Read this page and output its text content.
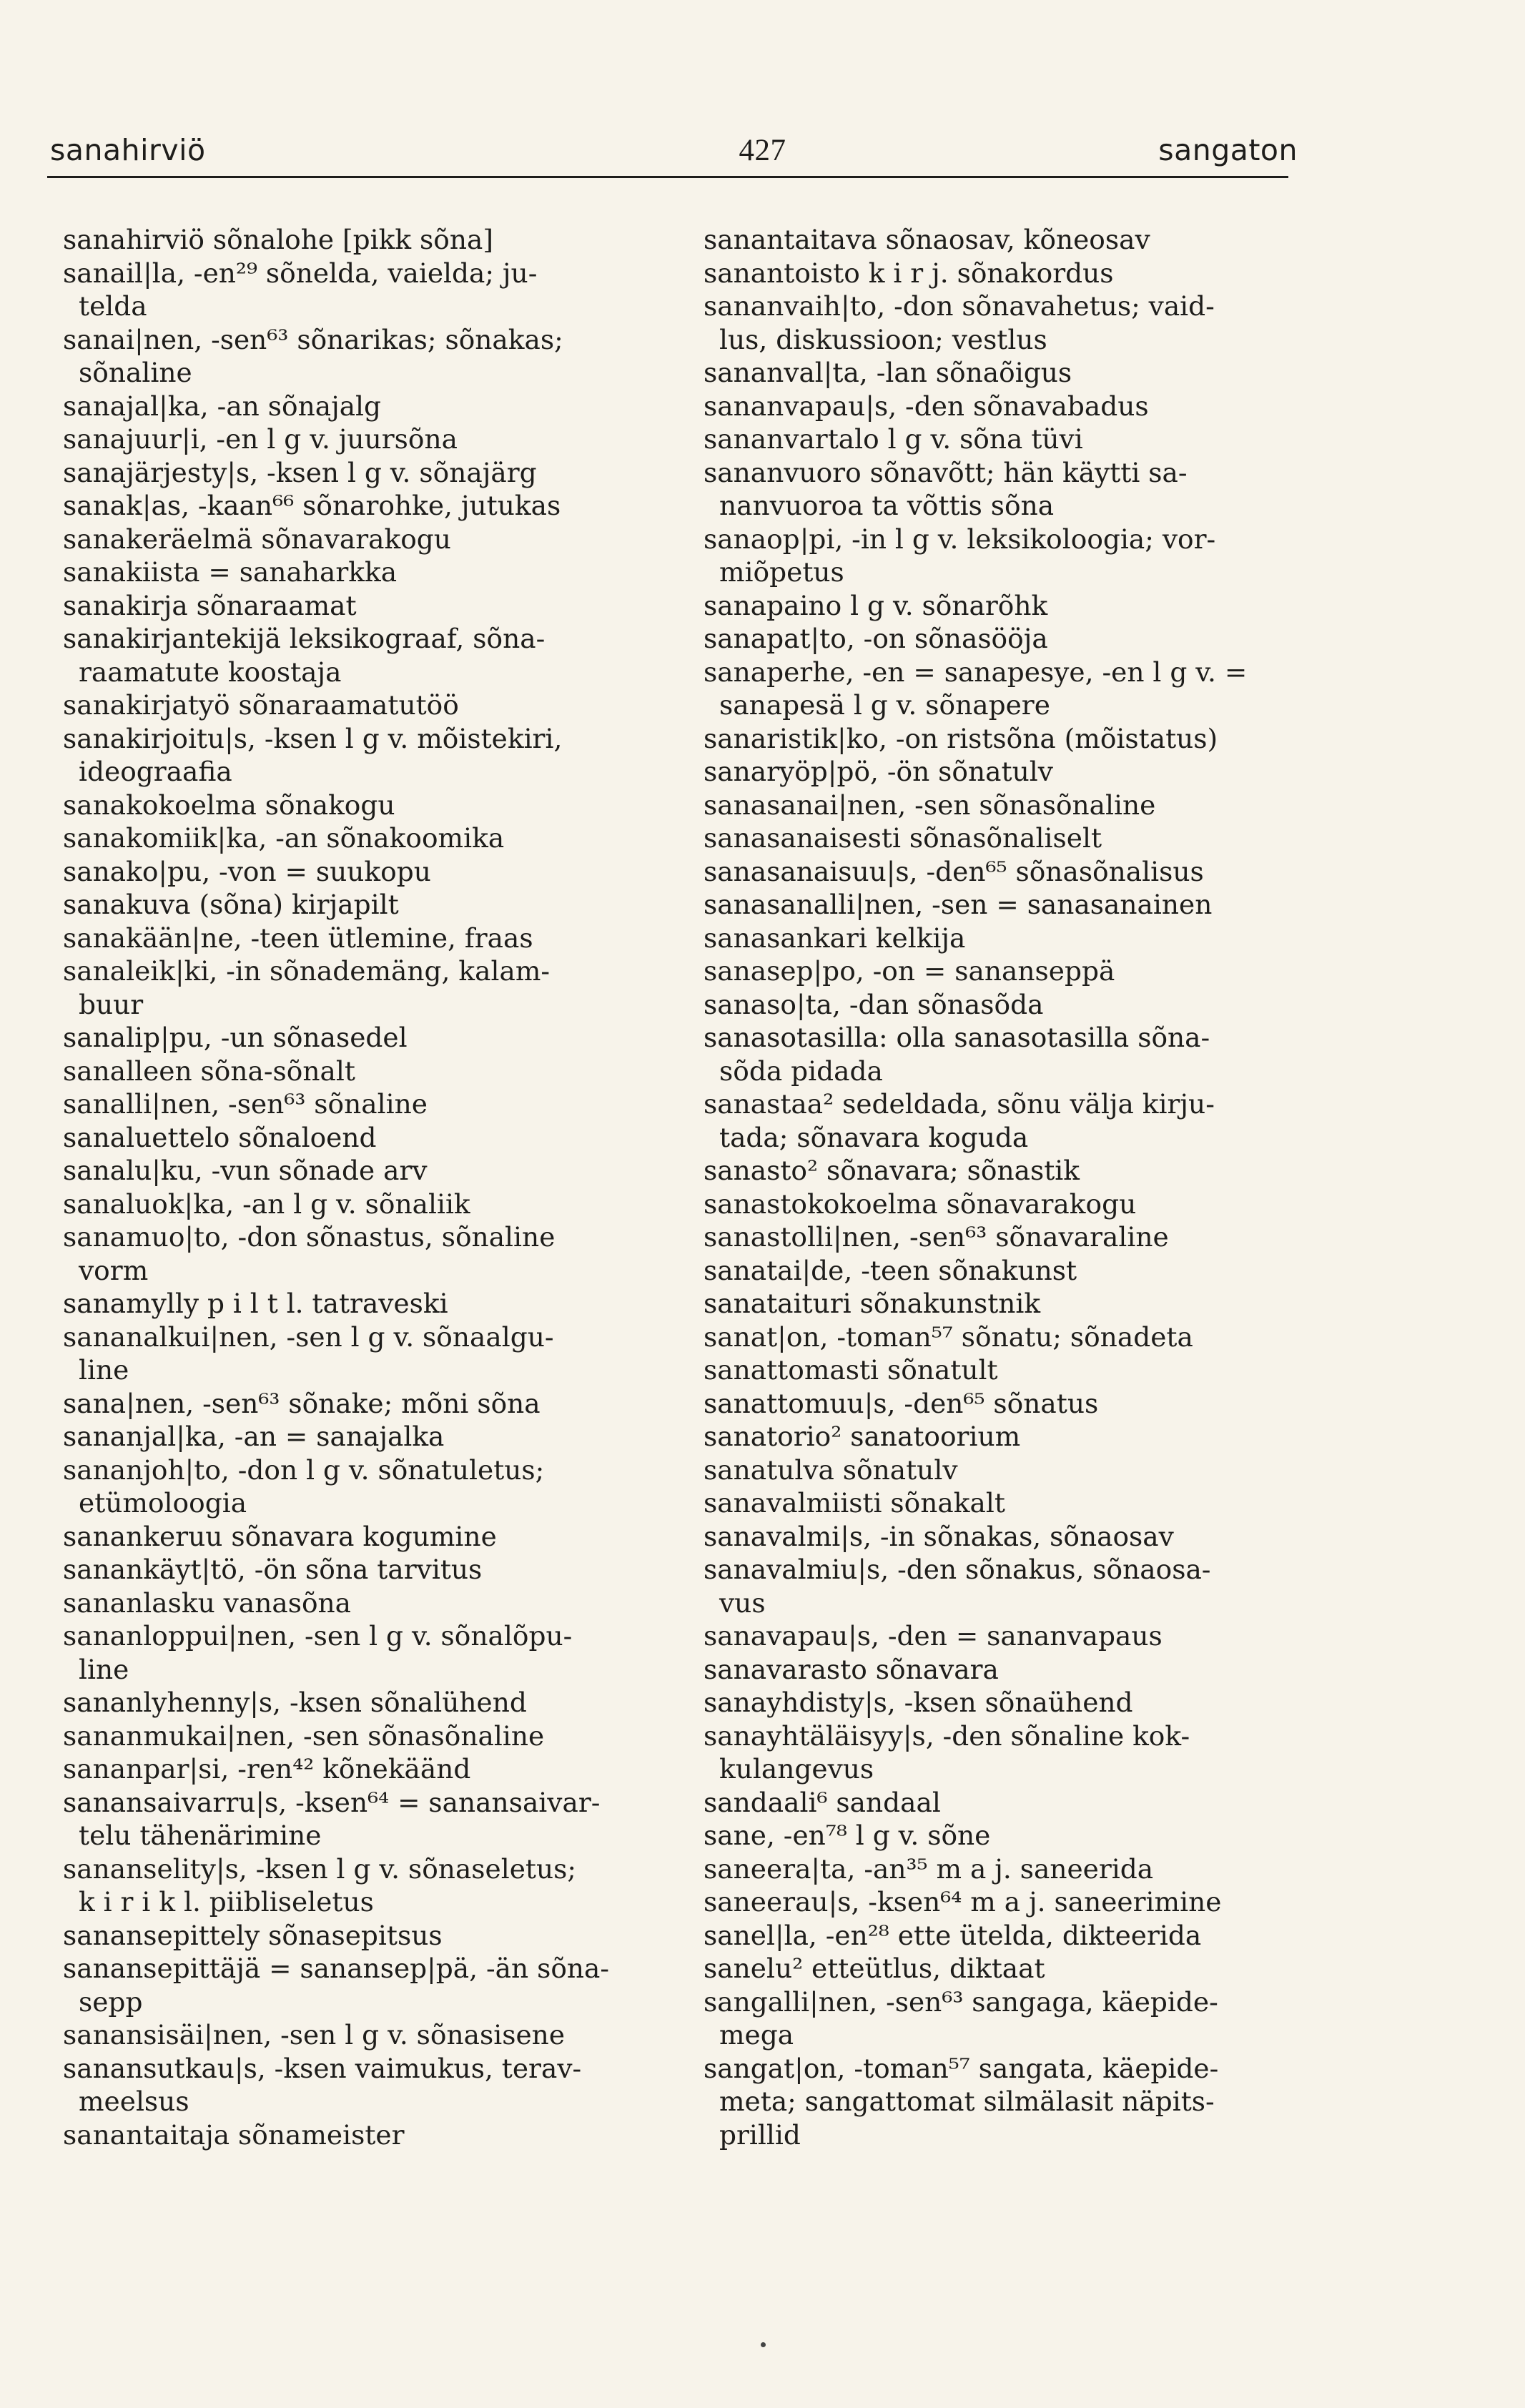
sanahirviö	427	sangaton
sanahirviö sõnalohe [pikk sõna]
sanail|la, -en²⁹ sõnelda, vaielda; ju-
telda
sanai|nen, -sen⁶³ sõnarikas; sõnakas;
sõnaline
sanajal|ka, -an sõnajalg
sanajuur|i, -en l g v. juursõna
sanajärjesty|s, -ksen l g v. sõnajärg
sanak|as, -kaan⁶⁶ sõnarohke, jutukas
sanakeräelmä sõnavarakogu
sanakiista = sanaharkka
sanakirja sõnaraamat
sanakirjantekijä leksikograaf, sõna-
raamatute koostaja
sanakirjatyö sõnaraamatutöö
sanakirjoitu|s, -ksen l g v. mõistekiri,
ideograafia
sanakokoelma sõnakogu
sanakomiik|ka, -an sõnakoomika
sanako|pu, -von = suukopu
sanakuva (sõna) kirjapilt
sanakään|ne, -teen ütlemine, fraas
sanaleik|ki, -in sõnademäng, kalam-
buur
sanalip|pu, -un sõnasedel
sanalleen sõna-sõnalt
sanalli|nen, -sen⁶³ sõnaline
sanaluettelo sõnaloend
sanalu|ku, -vun sõnade arv
sanaluok|ka, -an l g v. sõnaliik
sanamuo|to, -don sõnastus, sõnaline
vorm
sanamylly p i l t l. tatraveski
sananalkui|nen, -sen l g v. sõnaalgu-
line
sana|nen, -sen⁶³ sõnake; mõni sõna
sananjal|ka, -an = sanajalka
sananjoh|to, -don l g v. sõnatuletus;
etümoloogia
sanankeruu sõnavara kogumine
sanankäyt|tö, -ön sõna tarvitus
sananlasku vanasõna
sananloppui|nen, -sen l g v. sõnalõpu-
line
sananlyhenny|s, -ksen sõnalühend
sananmukai|nen, -sen sõnasõnaline
sananpar|si, -ren⁴² kõnekäänd
sanansaivarru|s, -ksen⁶⁴ = sanansaivar-
telu tähenärimine
sananselity|s, -ksen l g v. sõnaseletus;
k i r i k l. piibliseletus
sanansepittely sõnasepitsus
sanansepittäjä = sanansep|pä, -än sõna-
sepp
sanansisäi|nen, -sen l g v. sõnasisene
sanansutkau|s, -ksen vaimukus, terav-
meelsus
sanantaitaja sõnameister
sanantaitava sõnaosav, kõneosav
sanantoisto k i r j. sõnakordus
sananvaih|to, -don sõnavahetus; vaid-
lus, diskussioon; vestlus
sananval|ta, -lan sõnaõigus
sananvapau|s, -den sõnavabadus
sananvartalo l g v. sõna tüvi
sananvuoro sõnavõtt; hän käytti sa-
nanvuoroa ta võttis sõna
sanaop|pi, -in l g v. leksikoloogia; vor-
miõpetus
sanapaino l g v. sõnarõhk
sanapat|to, -on sõnasööja
sanaperhe, -en = sanapesye, -en l g v. =
sanapesä l g v. sõnapere
sanaristik|ko, -on ristsõna (mõistatus)
sanaryöp|pö, -ön sõnatulv
sanasanai|nen, -sen sõnasõnaline
sanasanaisesti sõnasõnaliselt
sanasanaisuu|s, -den⁶⁵ sõnasõnalisus
sanasanalli|nen, -sen = sanasanainen
sanasankari kelkija
sanasep|po, -on = sananseppä
sanaso|ta, -dan sõnasõda
sanasotasilla: olla sanasotasilla sõna-
sõda pidada
sanastaa² sedeldada, sõnu välja kirju-
tada; sõnavara koguda
sanasto² sõnavara; sõnastik
sanastokokoelma sõnavarakogu
sanastolli|nen, -sen⁶³ sõnavaraline
sanatai|de, -teen sõnakunst
sanataituri sõnakunstnik
sanat|on, -toman⁵⁷ sõnatu; sõnadeta
sanattomasti sõnatult
sanattomuu|s, -den⁶⁵ sõnatus
sanatorio² sanatoorium
sanatulva sõnatulv
sanavalmiisti sõnakalt
sanavalmi|s, -in sõnakas, sõnaosav
sanavalmiu|s, -den sõnakus, sõnaosa-
vus
sanavapau|s, -den = sananvapaus
sanavarasto sõnavara
sanayhdisty|s, -ksen sõnaühend
sanayhtäläisyy|s, -den sõnaline kok-
kulangevus
sandaali⁶ sandaal
sane, -en⁷⁸ l g v. sõne
saneera|ta, -an³⁵ m a j. saneerida
saneerau|s, -ksen⁶⁴ m a j. saneerimine
sanel|la, -en²⁸ ette ütelda, dikteerida
sanelu² etteütlus, diktaat
sangalli|nen, -sen⁶³ sangaga, käepide-
mega
sangat|on, -toman⁵⁷ sangata, käepide-
meta; sangattomat silmälasit näpits-
prillid
